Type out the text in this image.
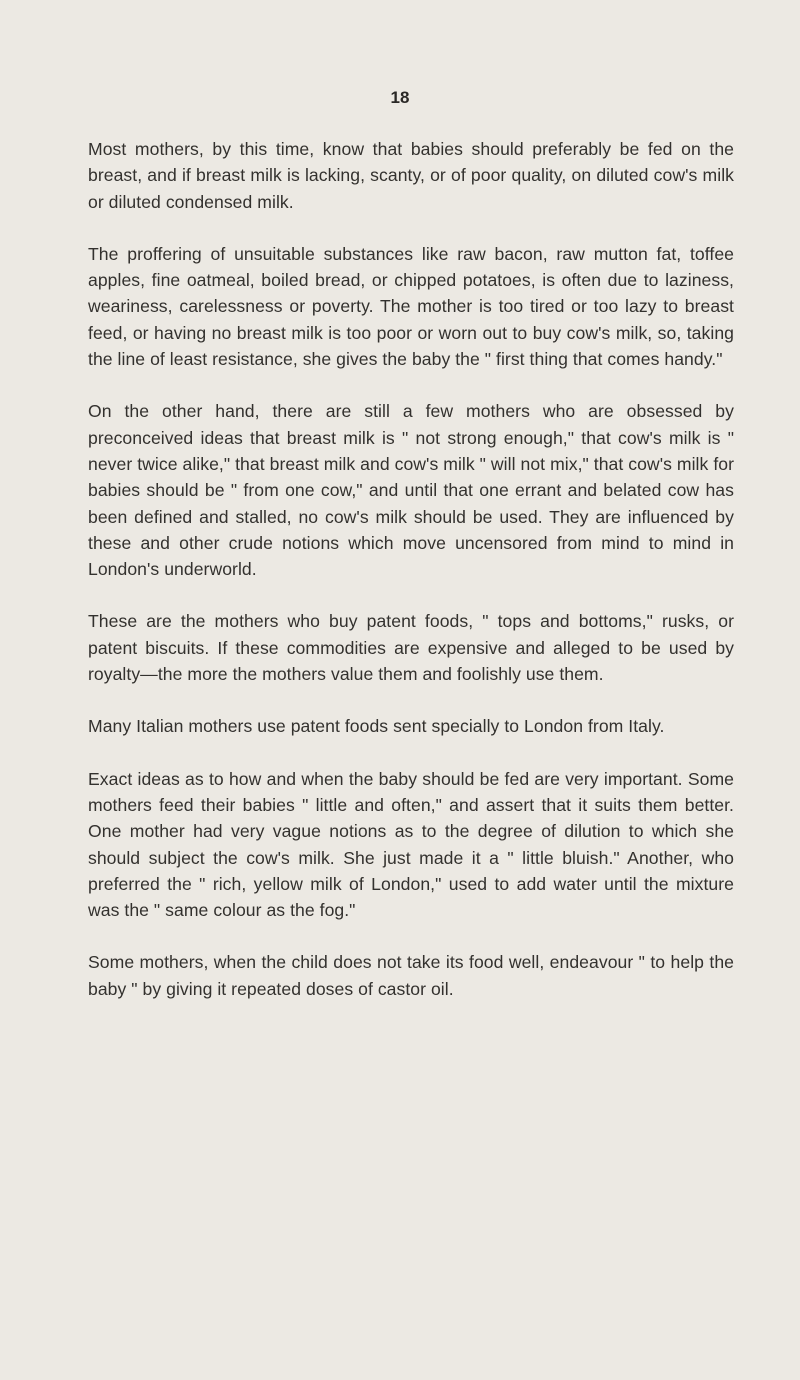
18

Most mothers, by this time, know that babies should preferably be fed on the breast, and if breast milk is lacking, scanty, or of poor quality, on diluted cow's milk or diluted condensed milk.

The proffering of unsuitable substances like raw bacon, raw mutton fat, toffee apples, fine oatmeal, boiled bread, or chipped potatoes, is often due to laziness, weariness, carelessness or poverty. The mother is too tired or too lazy to breast feed, or having no breast milk is too poor or worn out to buy cow's milk, so, taking the line of least resistance, she gives the baby the " first thing that comes handy."

On the other hand, there are still a few mothers who are obsessed by preconceived ideas that breast milk is " not strong enough," that cow's milk is " never twice alike," that breast milk and cow's milk " will not mix," that cow's milk for babies should be " from one cow," and until that one errant and belated cow has been defined and stalled, no cow's milk should be used. They are influenced by these and other crude notions which move uncensored from mind to mind in London's underworld.

These are the mothers who buy patent foods, " tops and bottoms," rusks, or patent biscuits. If these commodities are expensive and alleged to be used by royalty—the more the mothers value them and foolishly use them.

Many Italian mothers use patent foods sent specially to London from Italy.

Exact ideas as to how and when the baby should be fed are very important. Some mothers feed their babies " little and often," and assert that it suits them better. One mother had very vague notions as to the degree of dilution to which she should subject the cow's milk. She just made it a " little bluish." Another, who preferred the " rich, yellow milk of London," used to add water until the mixture was the " same colour as the fog."

Some mothers, when the child does not take its food well, endeavour " to help the baby " by giving it repeated doses of castor oil.
